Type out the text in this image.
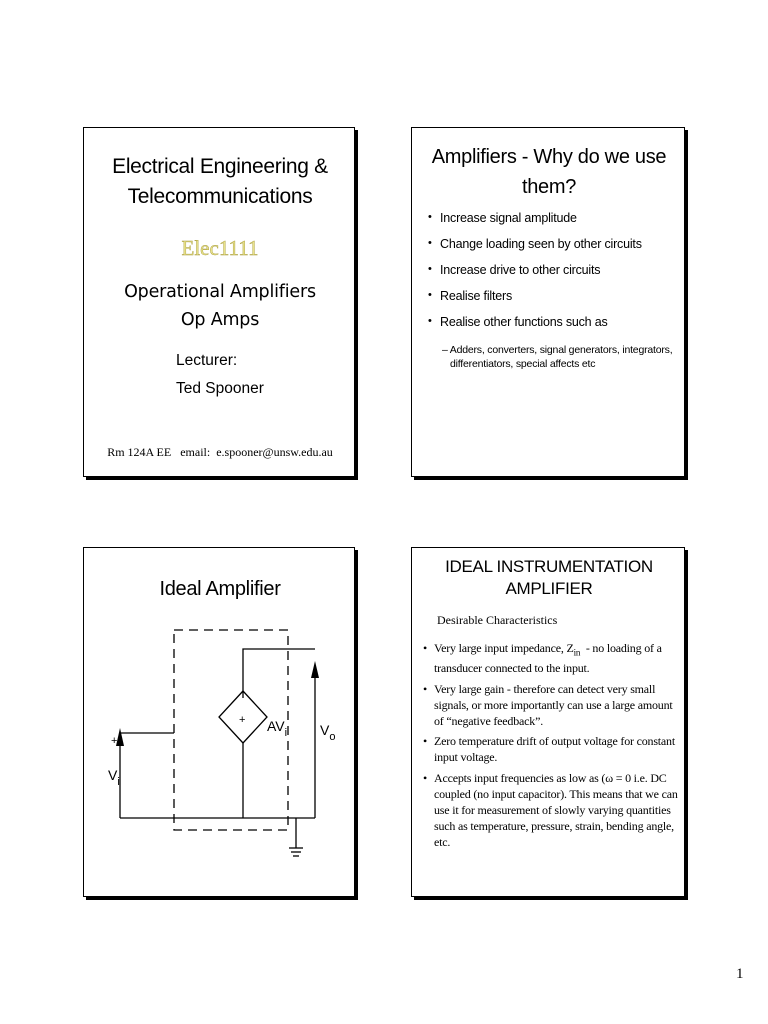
Electrical Engineering &
Telecommunications
Elec1111
Operational Amplifiers
Op Amps
Lecturer:
Ted Spooner
Rm 124A EE   email:  e.spooner@unsw.edu.au
Amplifiers - Why do we use
them?
• Increase signal amplitude
• Change loading seen by other circuits
• Increase drive to other circuits
• Realise filters
• Realise other functions such as
– Adders, converters, signal generators, integrators,
differentiators, special affects etc
Ideal Amplifier
+
+
$V_i$
$AV_i$ $V_o$
IDEAL INSTRUMENTATION
AMPLIFIER
Desirable Characteristics
• Very large input impedance, $Z_{in}$  - no loading of a transducer connected to the input.
• Very large gain - therefore can detect very small signals, or more importantly can use a large amount of “negative feedback”.
• Zero temperature drift of output voltage for constant input voltage.
• Accepts input frequencies as low as (ω = 0 i.e. DC coupled (no input capacitor). This means that we can use it for measurement of slowly varying quantities such as temperature, pressure, strain, bending angle, etc.
1
